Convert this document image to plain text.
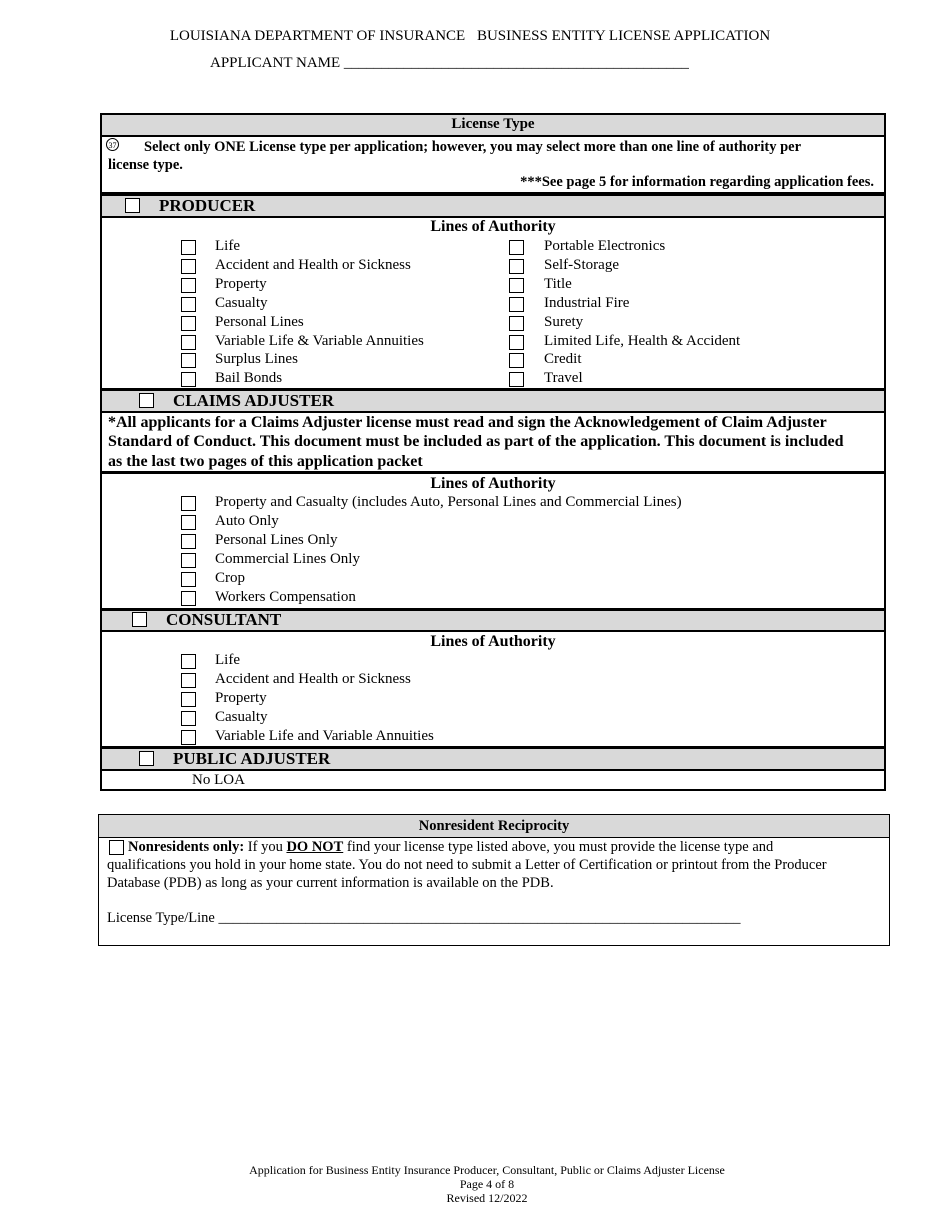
LOUISIANA DEPARTMENT OF INSURANCE BUSINESS ENTITY LICENSE APPLICATION
APPLICANT NAME ______________________________________________
License Type
37 Select only ONE License type per application; however, you may select more than one line of authority per
license type.
***See page 5 for information regarding application fees.
PRODUCER
Lines of Authority
Life
Accident and Health or Sickness
Property
Casualty
Personal Lines
Variable Life & Variable Annuities
Surplus Lines
Bail Bonds
Portable Electronics
Self-Storage
Title
Industrial Fire
Surety
Limited Life, Health & Accident
Credit
Travel
CLAIMS ADJUSTER
*All applicants for a Claims Adjuster license must read and sign the Acknowledgement of Claim Adjuster
Standard of Conduct. This document must be included as part of the application. This document is included
as the last two pages of this application packet
Lines of Authority
Property and Casualty (includes Auto, Personal Lines and Commercial Lines)
Auto Only
Personal Lines Only
Commercial Lines Only
Crop
Workers Compensation
CONSULTANT
Lines of Authority
Life
Accident and Health or Sickness
Property
Casualty
Variable Life and Variable Annuities
PUBLIC ADJUSTER
No LOA
Nonresident Reciprocity
Nonresidents only: If you DO NOT find your license type listed above, you must provide the license type and
qualifications you hold in your home state. You do not need to submit a Letter of Certification or printout from the Producer
Database (PDB) as long as your current information is available on the PDB.
License Type/Line ________________________________________________________________________
Application for Business Entity Insurance Producer, Consultant, Public or Claims Adjuster License
Page 4 of 8
Revised 12/2022
